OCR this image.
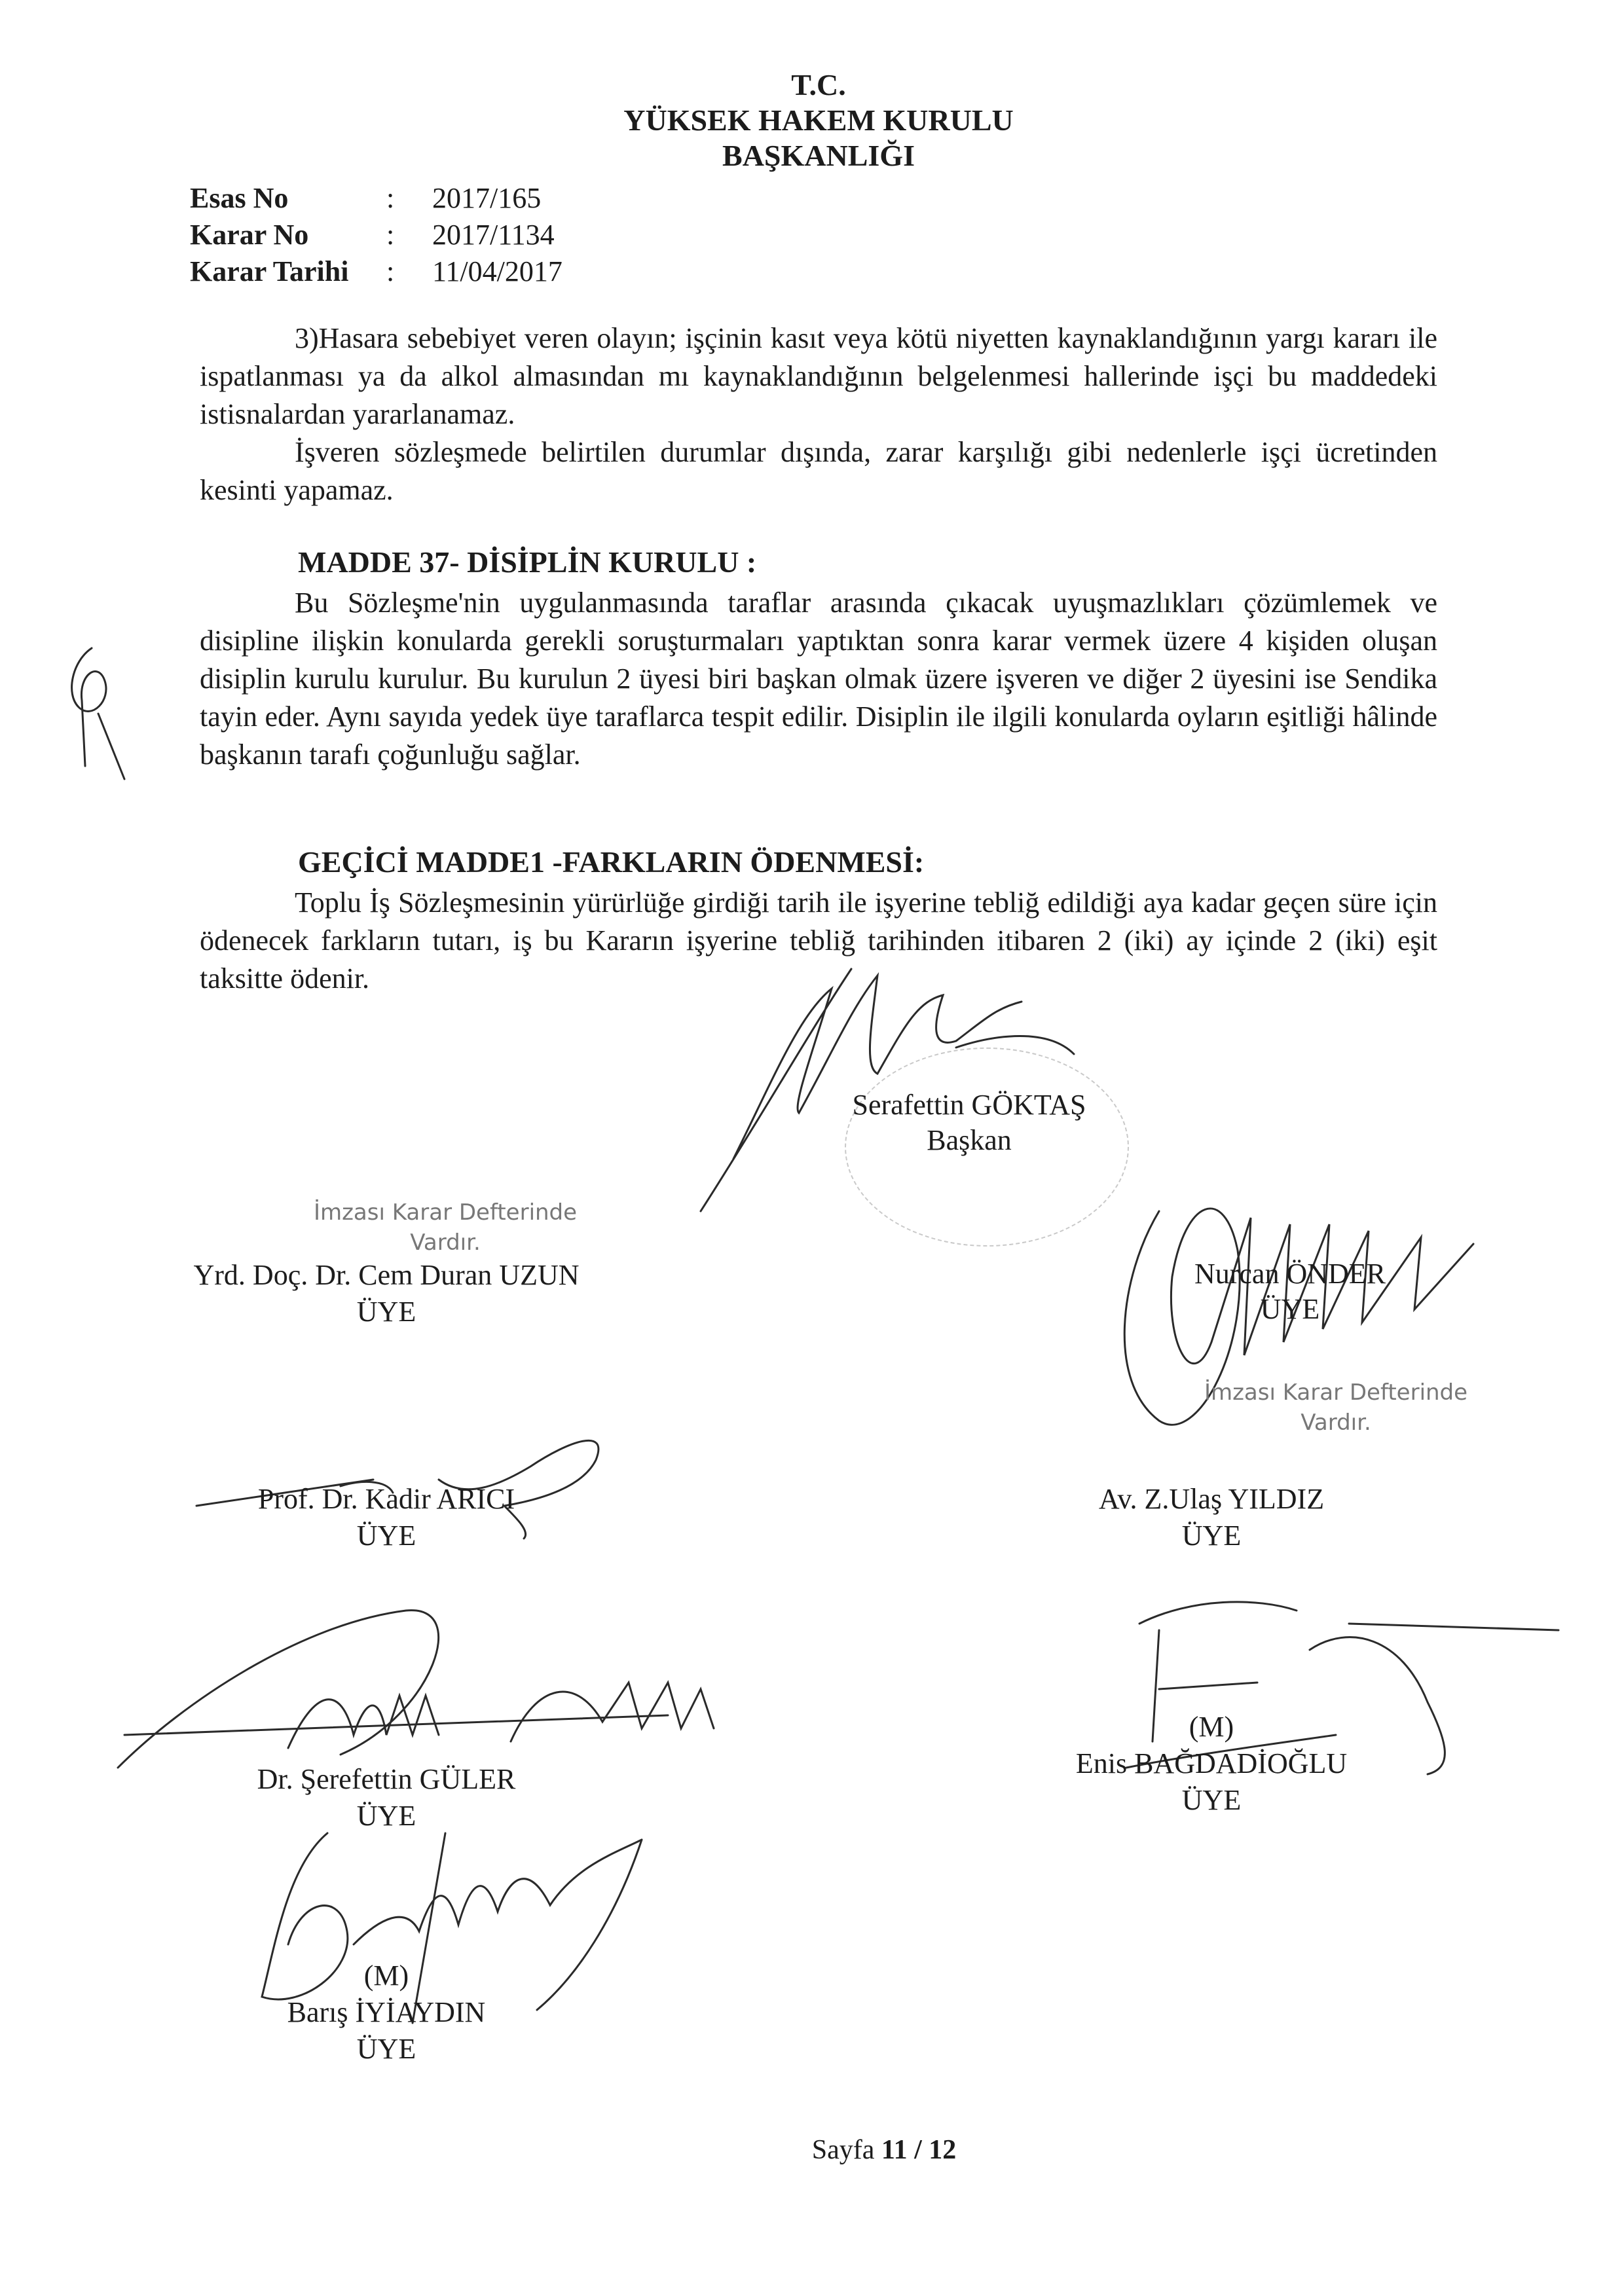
T.C.
YÜKSEK HAKEM KURULU
BAŞKANLIĞI
Esas No	: 2017/165
Karar No	: 2017/1134
Karar Tarihi : 11/04/2017
3)Hasara sebebiyet veren olayın; işçinin kasıt veya kötü niyetten kaynaklandığının yargı kararı ile ispatlanması ya da alkol almasından mı kaynaklandığının belgelenmesi hallerinde işçi bu maddedeki istisnalardan yararlanamaz.
İşveren sözleşmede belirtilen durumlar dışında, zarar karşılığı gibi nedenlerle işçi ücretinden kesinti yapamaz.
MADDE 37- DİSİPLİN KURULU :
Bu Sözleşme'nin uygulanmasında taraflar arasında çıkacak uyuşmazlıkları çözümlemek ve disipline ilişkin konularda gerekli soruşturmaları yaptıktan sonra karar vermek üzere 4 kişiden oluşan disiplin kurulu kurulur. Bu kurulun 2 üyesi biri başkan olmak üzere işveren ve diğer 2 üyesini ise Sendika tayin eder. Aynı sayıda yedek üye taraflarca tespit edilir. Disiplin ile ilgili konularda oyların eşitliği hâlinde başkanın tarafı çoğunluğu sağlar.
GEÇİCİ MADDE1 -FARKLARIN ÖDENMESİ:
Toplu İş Sözleşmesinin yürürlüğe girdiği tarih ile işyerine tebliğ edildiği aya kadar geçen süre için ödenecek farkların tutarı, iş bu Kararın işyerine tebliğ tarihinden itibaren 2 (iki) ay içinde 2 (iki) eşit taksitte ödenir.
Serafettin GÖKTAŞ
Başkan
İmzası Karar Defterinde
Vardır.
Yrd. Doç. Dr. Cem Duran UZUN
ÜYE
Nurcan ÖNDER
ÜYE
İmzası Karar Defterinde
Vardır.
Prof. Dr. Kadir ARICI
ÜYE
Av. Z.Ulaş YILDIZ
ÜYE
Dr. Şerefettin GÜLER
ÜYE
(M)
Enis BAĞDADİOĞLU
ÜYE
(M)
Barış İYİAYDIN
ÜYE
Sayfa 11 / 12
